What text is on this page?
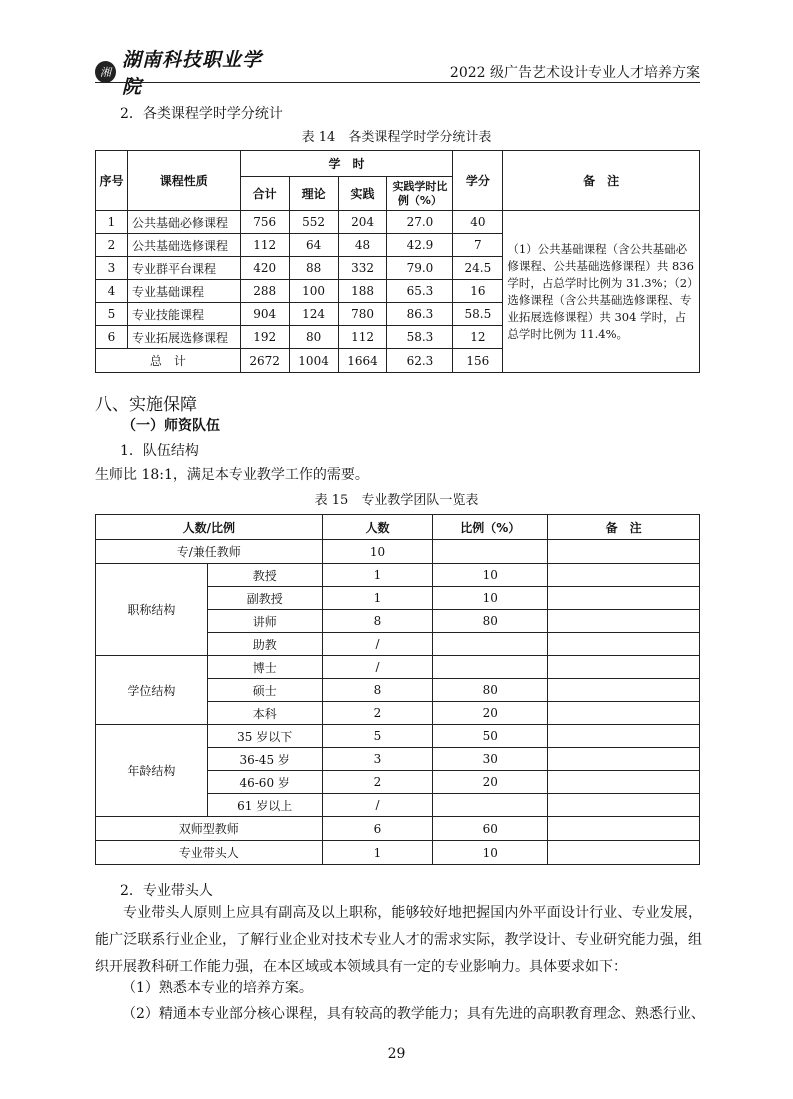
湘
湖南科技职业学院
2022 级广告艺术设计专业人才培养方案
2．各类课程学时学分统计
表 14　各类课程学时学分统计表
序号	课程性质	学　时				学分	备　注
		合计	理论	实践	实践学时比例（%）		
1	公共基础必修课程	756	552	204	27.0	40	（1）公共基础课程（含公共基础必修课程、公共基础选修课程）共 836 学时，占总学时比例为 31.3%；（2）选修课程（含公共基础选修课程、专业拓展选修课程）共 304 学时，占总学时比例为 11.4%。
2	公共基础选修课程	112	64	48	42.9	7	
3	专业群平台课程	420	88	332	79.0	24.5	
4	专业基础课程	288	100	188	65.3	16	
5	专业技能课程	904	124	780	86.3	58.5	
6	专业拓展选修课程	192	80	112	58.3	12	
总　计		2672	1004	1664	62.3	156	
八、实施保障
（一）师资队伍
1．队伍结构
生师比 18:1，满足本专业教学工作的需要。
表 15　专业教学团队一览表
人数/比例		人数	比例（%）	备　注
专/兼任教师		10		
职称结构	教授	1	10	
	副教授	1	10	
	讲师	8	80	
	助教	/		
学位结构	博士	/		
	硕士	8	80	
	本科	2	20	
年龄结构	35 岁以下	5	50	
	36-45 岁	3	30	
	46-60 岁	2	20	
	61 岁以上	/		
双师型教师		6	60	
专业带头人		1	10	
2．专业带头人
专业带头人原则上应具有副高及以上职称，能够较好地把握国内外平面设计行业、专业发展，能广泛联系行业企业，了解行业企业对技术专业人才的需求实际，教学设计、专业研究能力强，组织开展教科研工作能力强，在本区域或本领域具有一定的专业影响力。具体要求如下：
（1）熟悉本专业的培养方案。
（2）精通本专业部分核心课程，具有较高的教学能力；具有先进的高职教育理念、熟悉行业、
29
